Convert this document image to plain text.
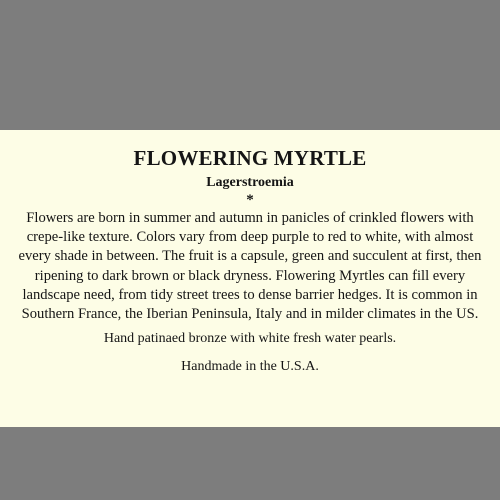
FLOWERING MYRTLE
Lagerstroemia
*

Flowers are born in summer and autumn in panicles of crinkled flowers with
crepe-like texture. Colors vary from deep purple to red to white, with almost
every shade in between. The fruit is a capsule, green and succulent at first, then
ripening to dark brown or black dryness. Flowering Myrtles can fill every
landscape need, from tidy street trees to dense barrier hedges. It is common in
Southern France, the Iberian Peninsula, Italy and in milder climates in the US.

Hand patinaed bronze with white fresh water pearls.
Handmade in the U.S.A.
